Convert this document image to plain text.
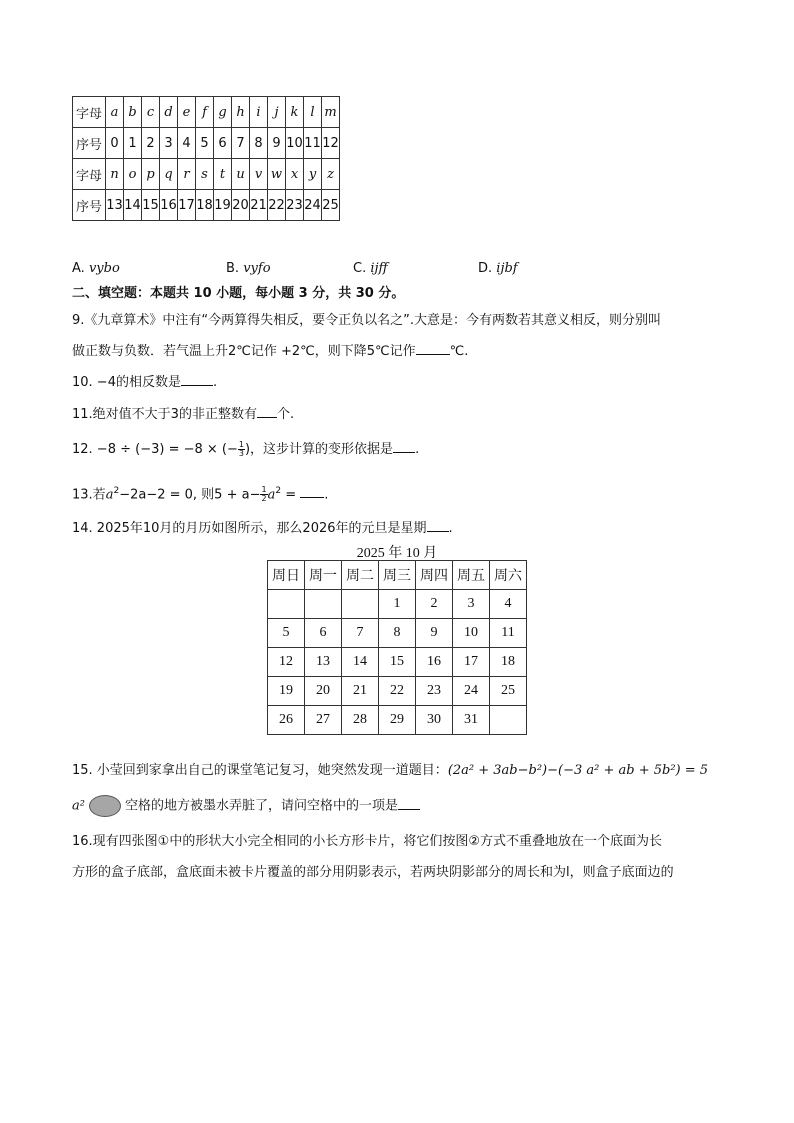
字母	a	b	c	d	e	f	g	h	i	j	k	l	m
序号	0	1	2	3	4	5	6	7	8	9	10	11	12
字母	n	o	p	q	r	s	t	u	v	w	x	y	z
序号	13	14	15	16	17	18	19	20	21	22	23	24	25
A. vybo	B. vyfo	C. ijff	D. ijbf
二、填空题：本题共 10 小题，每小题 3 分，共 30 分。
9.《九章算术》中注有“今两算得失相反，要令正负以名之”.大意是：今有两数若其意义相反，则分别叫
做正数与负数．若气温上升2℃记作 +2℃，则下降5℃记作	℃.
10. −4的相反数是 .
11.绝对值不大于3的非正整数有 个.
12. −8 ÷ (−3) = −8 × (− $\frac{1}{3}$ )，这步计算的变形依据是 .
13.若$a^2-2a-2 = 0$, 则$5 + a- \frac{1}{2} a^2$ = .
14. 2025年10月的月历如图所示，那么2026年的元旦是星期 .
2025 年 10 月
周日	周一	周二	周三	周四	周五	周六
			1	2	3	4
5	6	7	8	9	10	11
12	13	14	15	16	17	18
19	20	21	22	23	24	25
26	27	28	29	30	31	
15. 小莹回到家拿出自己的课堂笔记复习，她突然发现一道题目：(2a² + 3ab−b²)−(−3 a² + ab + 5b²) = 5
a²	空格的地方被墨水弄脏了，请问空格中的一项是
16.现有四张图①中的形状大小完全相同的小长方形卡片，将它们按图②方式不重叠地放在一个底面为长
方形的盒子底部，盒底面未被卡片覆盖的部分用阴影表示，若两块阴影部分的周长和为l，则盒子底面边的
